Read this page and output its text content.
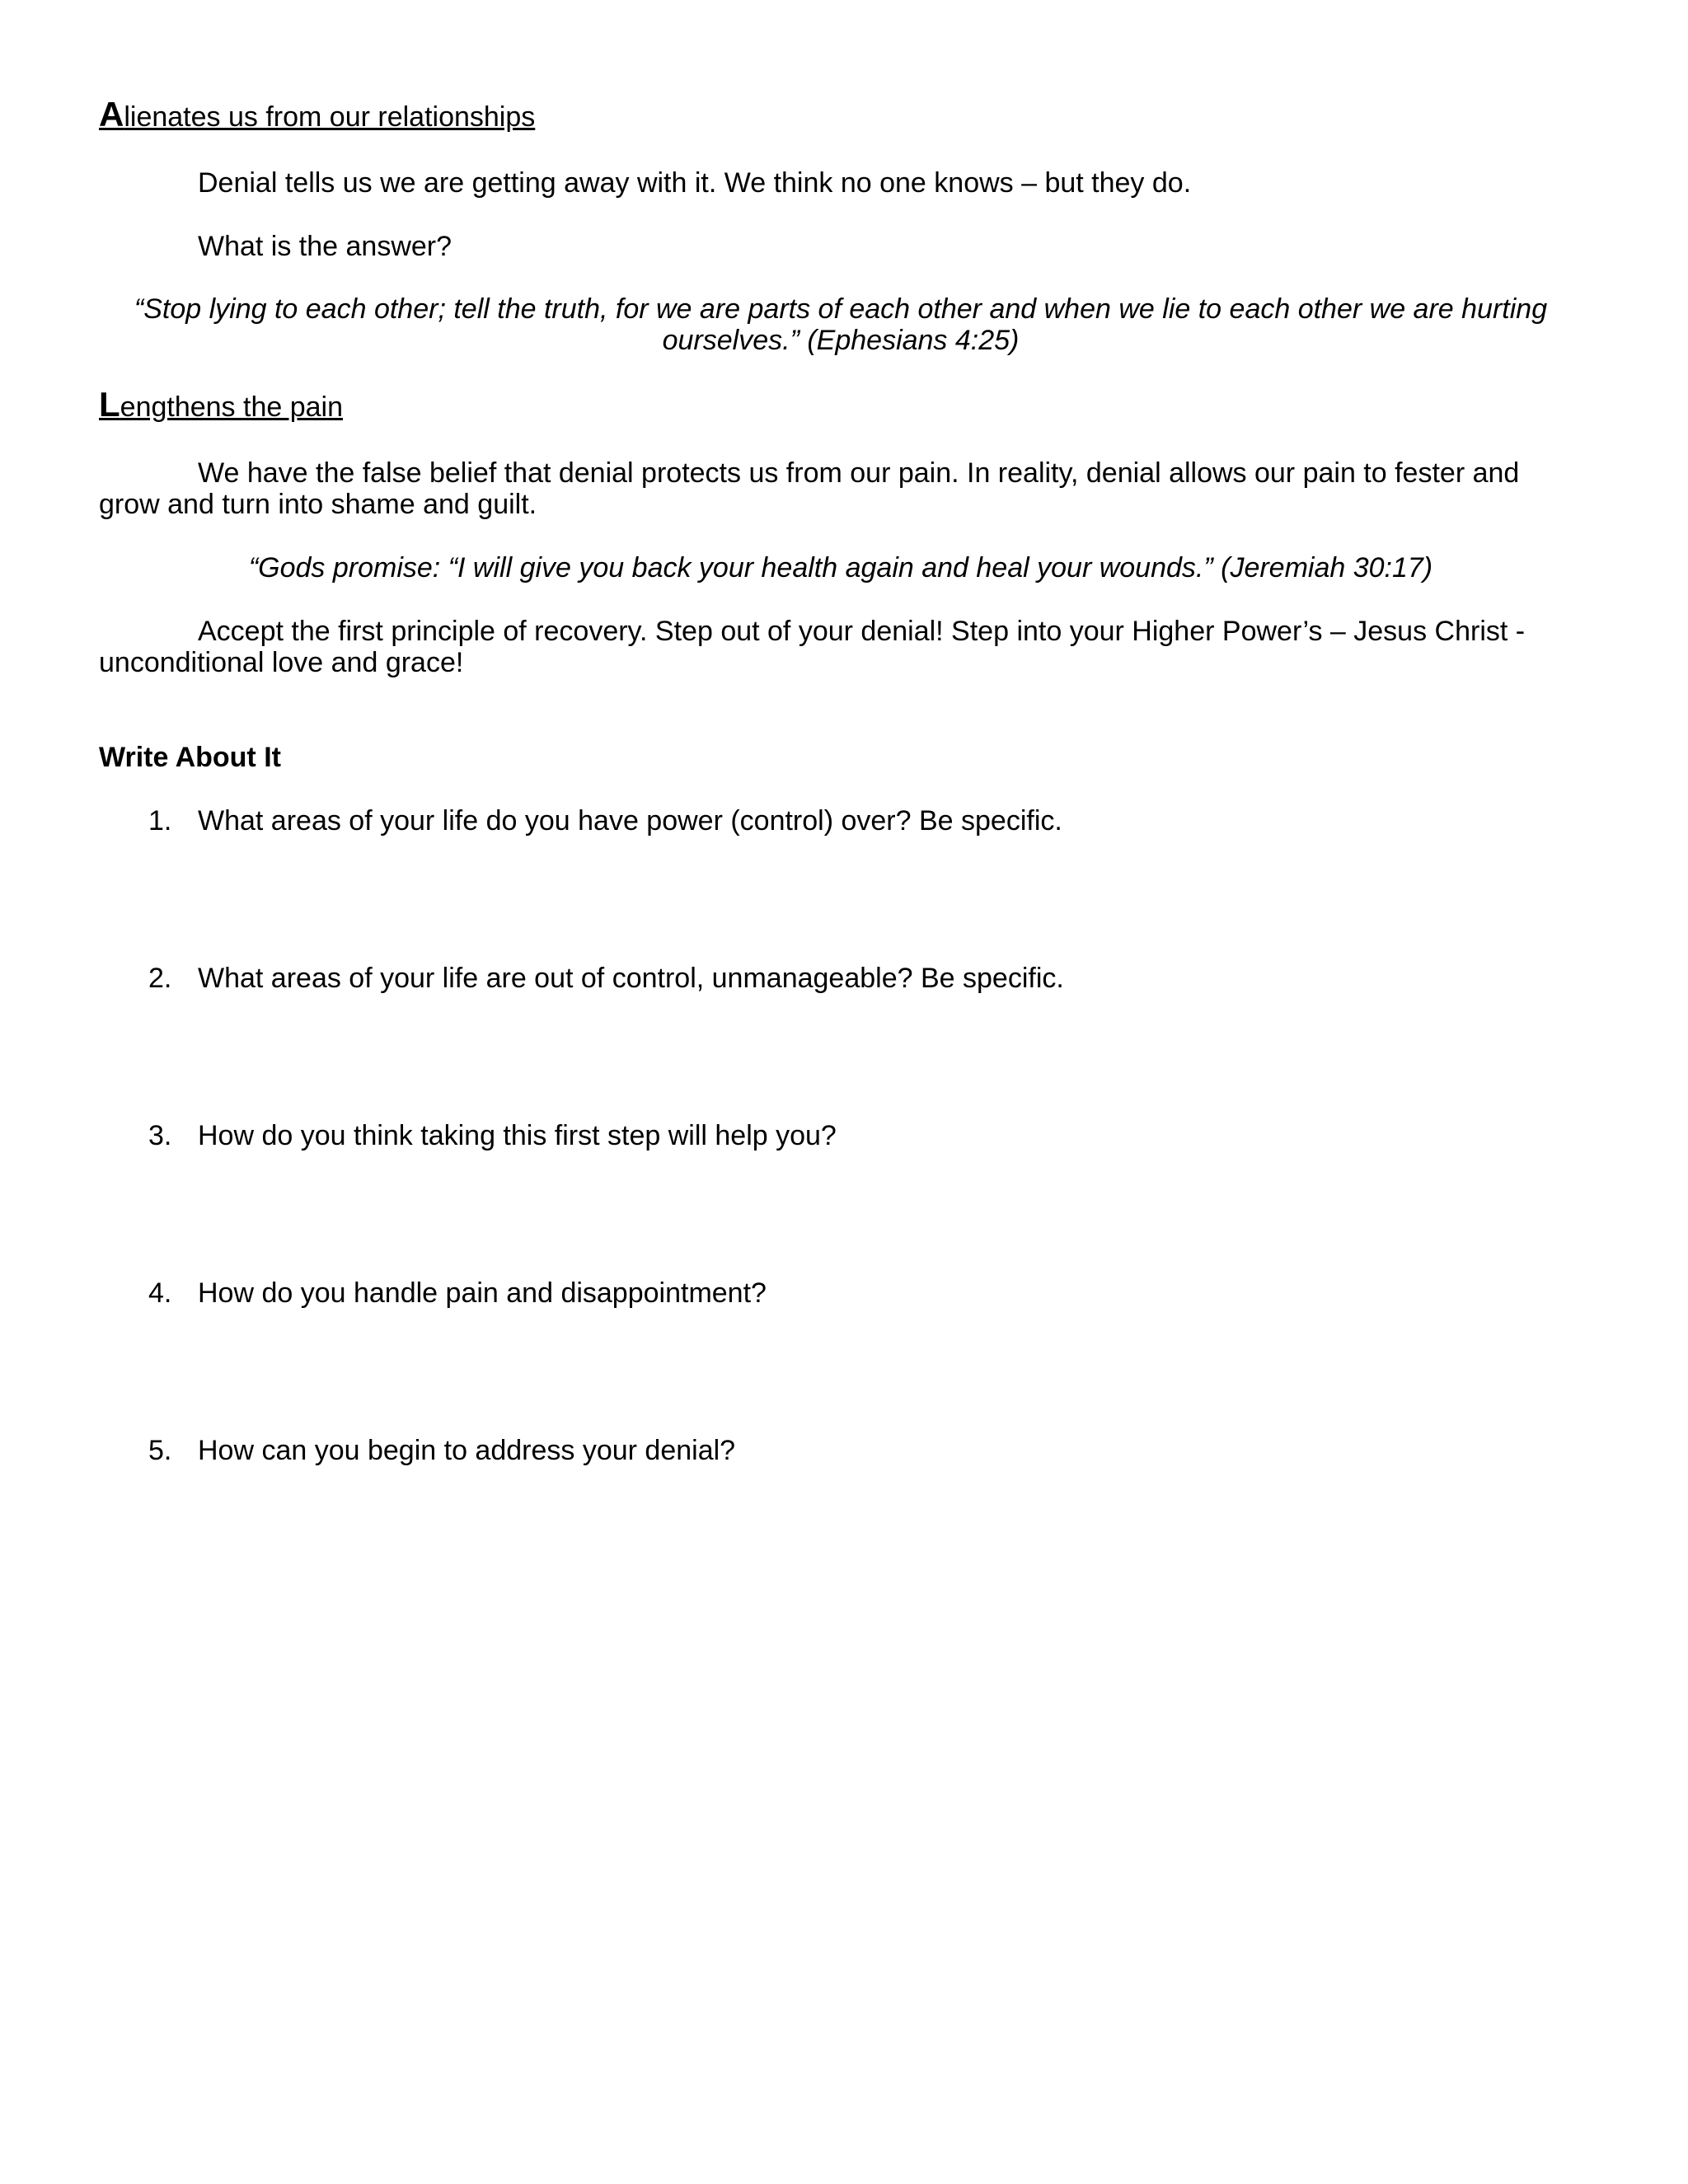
Alienates us from our relationships
Denial tells us we are getting away with it. We think no one knows – but they do.
What is the answer?
“Stop lying to each other; tell the truth, for we are parts of each other and when we lie to each other we are hurting ourselves.” (Ephesians 4:25)
Lengthens the pain
We have the false belief that denial protects us from our pain. In reality, denial allows our pain to fester and grow and turn into shame and guilt.
“Gods promise: “I will give you back your health again and heal your wounds.” (Jeremiah 30:17)
Accept the first principle of recovery. Step out of your denial! Step into your Higher Power’s – Jesus Christ - unconditional love and grace!
Write About It
1. What areas of your life do you have power (control) over? Be specific.
2. What areas of your life are out of control, unmanageable? Be specific.
3. How do you think taking this first step will help you?
4. How do you handle pain and disappointment?
5. How can you begin to address your denial?
